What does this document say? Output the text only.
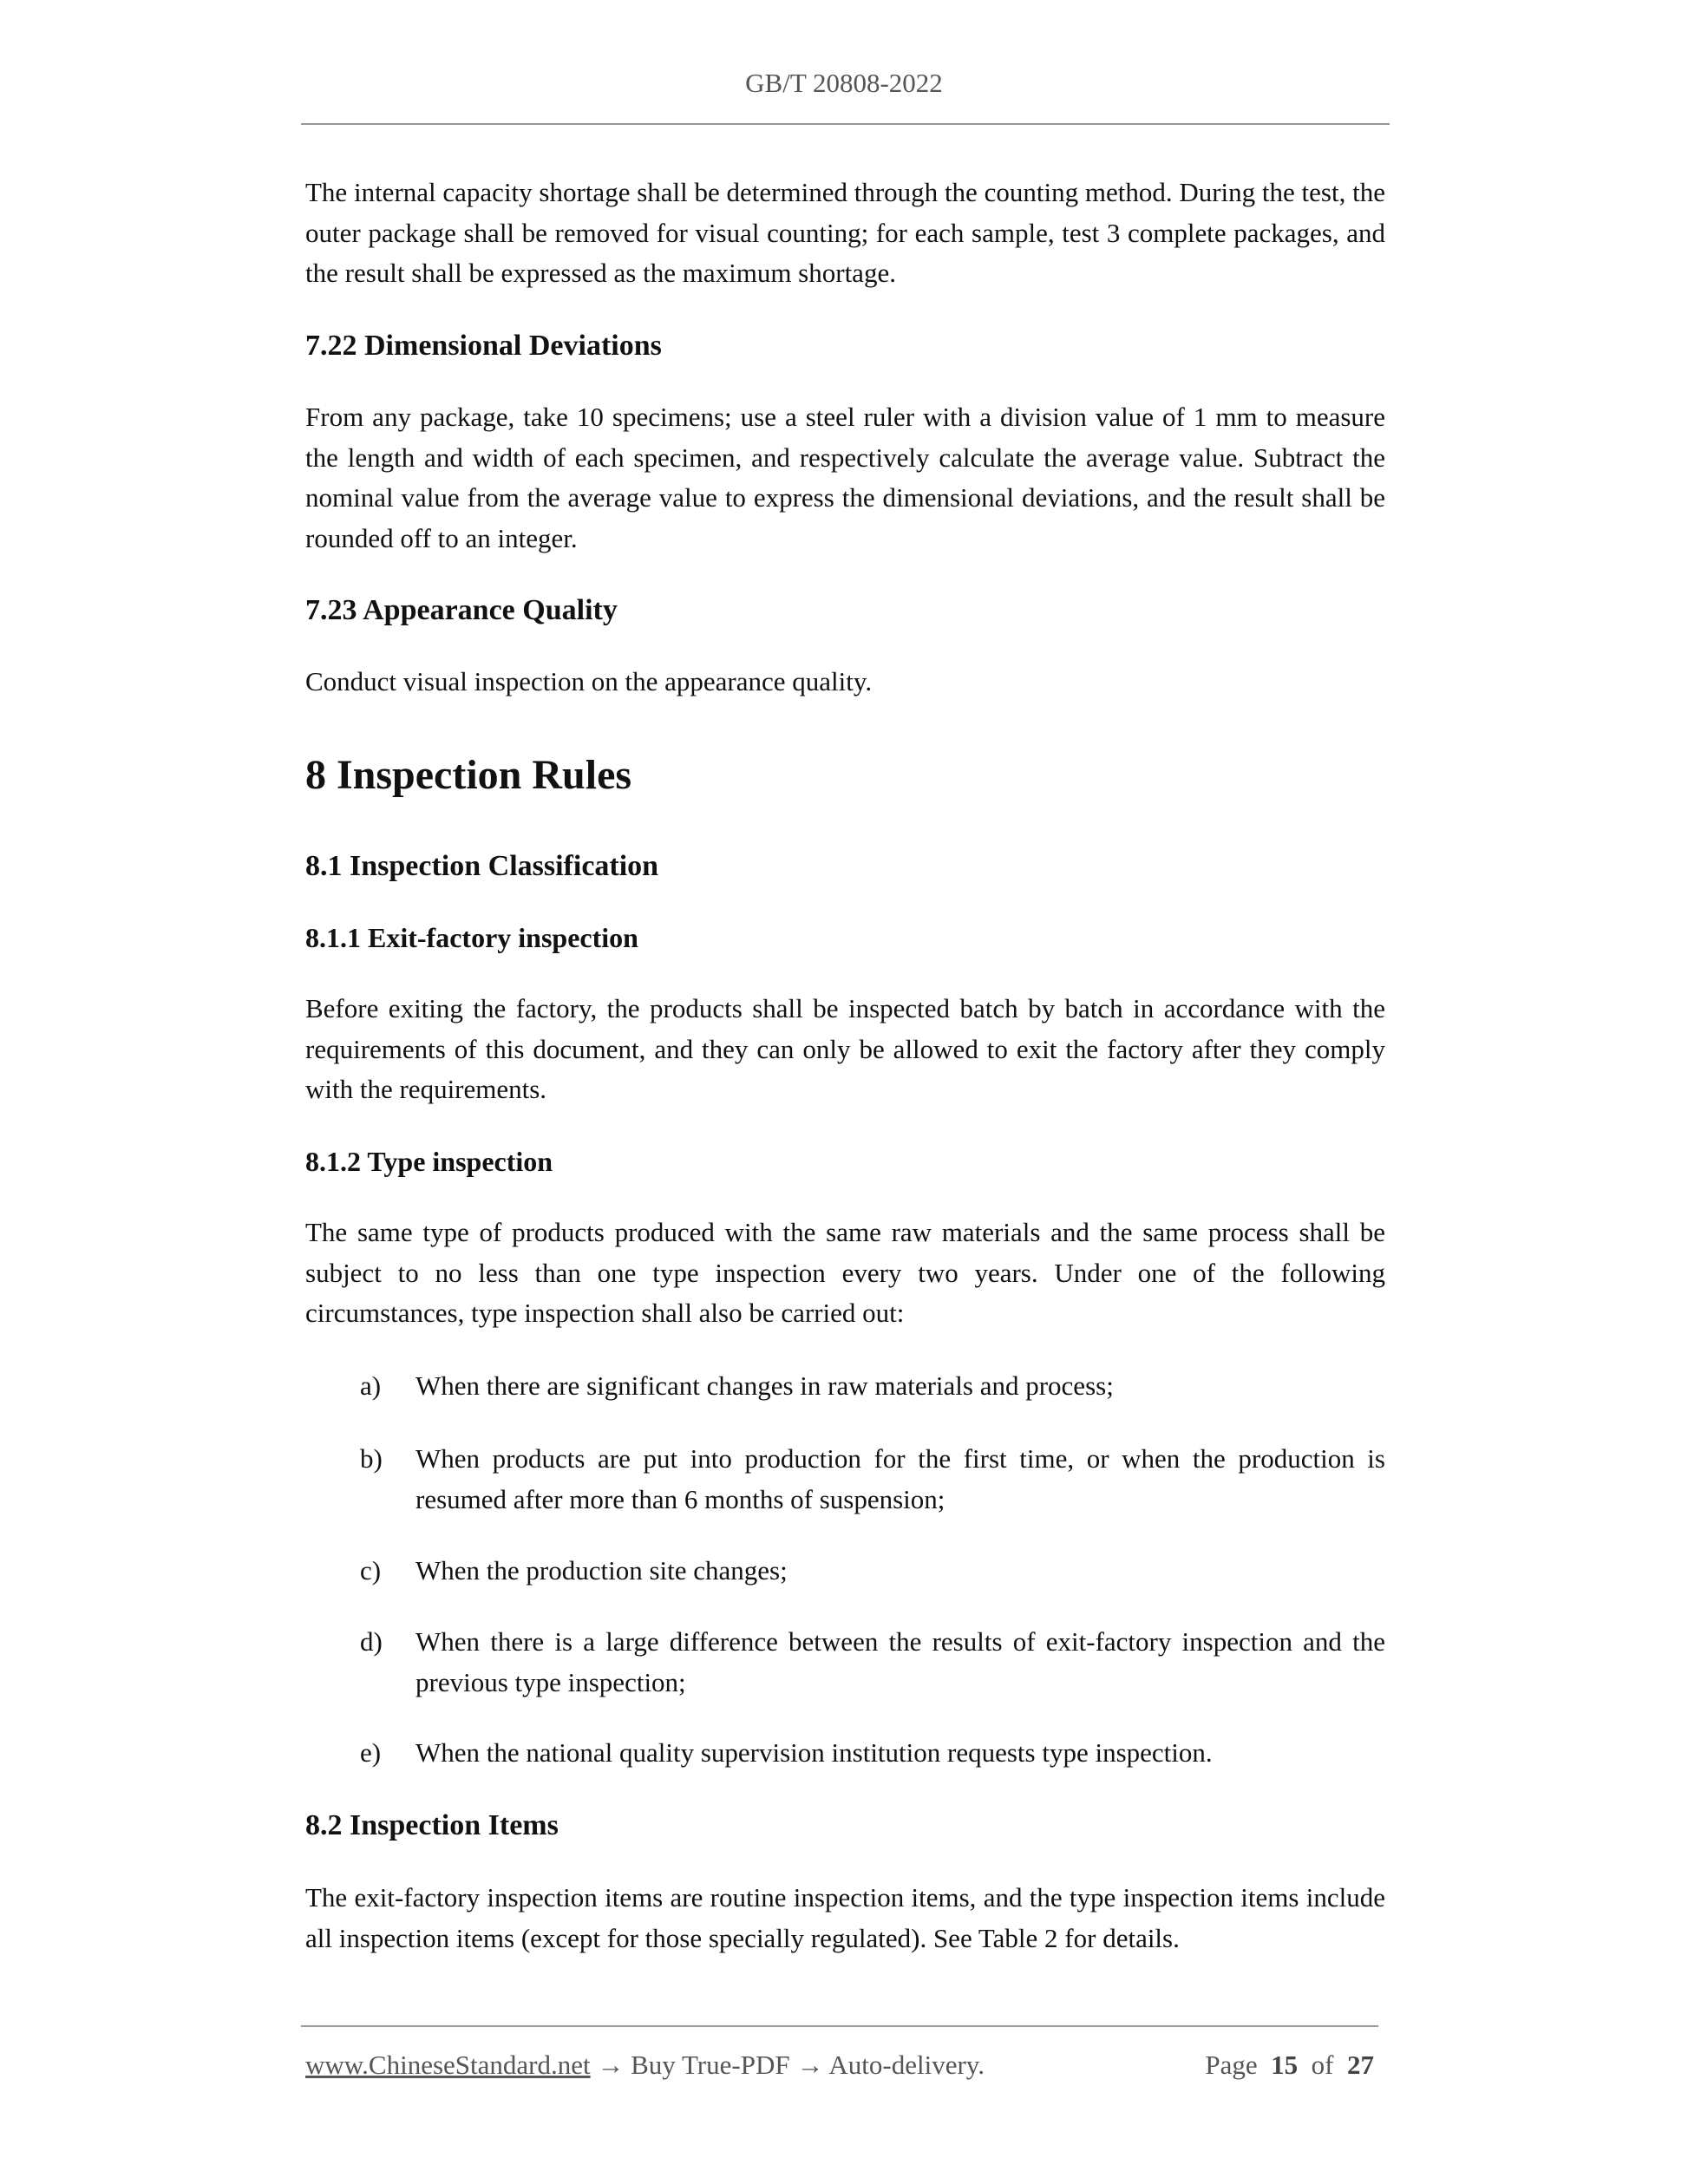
GB/T 20808-2022

The internal capacity shortage shall be determined through the counting method. During the test, the outer package shall be removed for visual counting; for each sample, test 3 complete packages, and the result shall be expressed as the maximum shortage.

7.22 Dimensional Deviations

From any package, take 10 specimens; use a steel ruler with a division value of 1 mm to measure the length and width of each specimen, and respectively calculate the average value. Subtract the nominal value from the average value to express the dimensional deviations, and the result shall be rounded off to an integer.

7.23 Appearance Quality

Conduct visual inspection on the appearance quality.

8 Inspection Rules
8.1 Inspection Classification
8.1.1 Exit-factory inspection

Before exiting the factory, the products shall be inspected batch by batch in accordance with the requirements of this document, and they can only be allowed to exit the factory after they comply with the requirements.

8.1.2 Type inspection

The same type of products produced with the same raw materials and the same process shall be subject to no less than one type inspection every two years. Under one of the following circumstances, type inspection shall also be carried out:

a) When there are significant changes in raw materials and process;
b) When products are put into production for the first time, or when the production is resumed after more than 6 months of suspension;
c) When the production site changes;
d) When there is a large difference between the results of exit-factory inspection and the previous type inspection;
e) When the national quality supervision institution requests type inspection.
8.2 Inspection Items

The exit-factory inspection items are routine inspection items, and the type inspection items include all inspection items (except for those specially regulated). See Table 2 for details.

www.ChineseStandard.net → Buy True-PDF → Auto-delivery.	Page 15 of 27
